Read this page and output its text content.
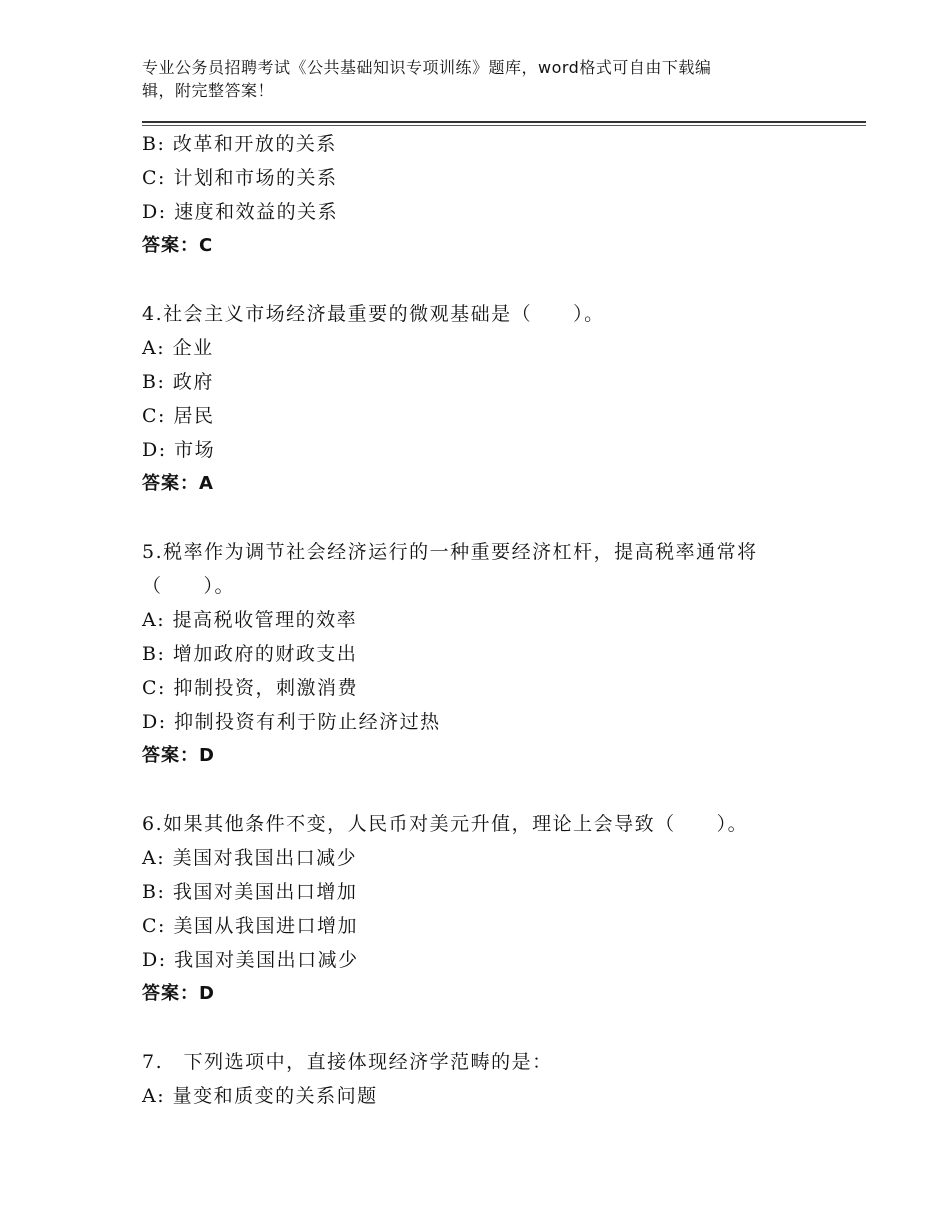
专业公务员招聘考试《公共基础知识专项训练》题库，word格式可自由下载编
辑，附完整答案！
B: 改革和开放的关系
C: 计划和市场的关系
D: 速度和效益的关系
答案：C
4.社会主义市场经济最重要的微观基础是（　　）。
A: 企业
B: 政府
C: 居民
D: 市场
答案：A
5.税率作为调节社会经济运行的一种重要经济杠杆，提高税率通常将
（　　）。
A: 提高税收管理的效率
B: 增加政府的财政支出
C: 抑制投资，刺激消费
D: 抑制投资有利于防止经济过热
答案：D
6.如果其他条件不变，人民币对美元升值，理论上会导致（　　）。
A: 美国对我国出口减少
B: 我国对美国出口增加
C: 美国从我国进口增加
D: 我国对美国出口减少
答案：D
7.　下列选项中，直接体现经济学范畴的是：
A: 量变和质变的关系问题
